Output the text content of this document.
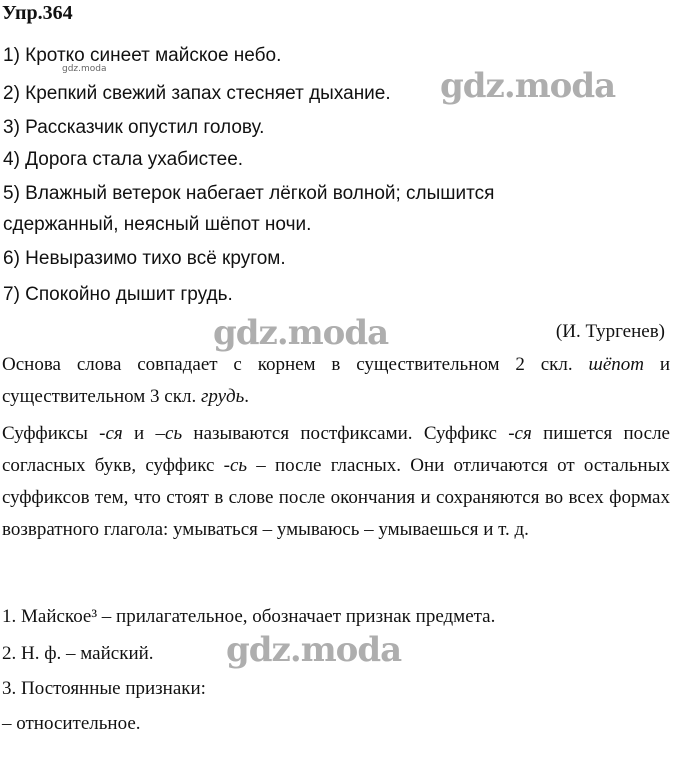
Упр.364
1) Кротко синеет майское небо.
2) Крепкий свежий запах стесняет дыхание.
3) Рассказчик опустил голову.
4) Дорога стала ухабистее.
5) Влажный ветерок набегает лёгкой волной; слышится
сдержанный, неясный шёпот ночи.
6) Невыразимо тихо всё кругом.
7) Спокойно дышит грудь.
(И. Тургенев)
Основа слова совпадает с корнем в существительном 2 скл. шёпот и существительном 3 скл. грудь.
Суффиксы -ся и –сь называются постфиксами. Суффикс -ся пишется после согласных букв, суффикс -сь – после гласных. Они отличаются от остальных суффиксов тем, что стоят в слове после окончания и сохраняются во всех формах возвратного глагола: умываться – умываюсь – умываешься и т. д.
1. Майское³ – прилагательное, обозначает признак предмета.
2. Н. ф. – майский.
3. Постоянные признаки:
– относительное.
gdz.moda	gdz.moda
gdz.moda
gdz.moda
